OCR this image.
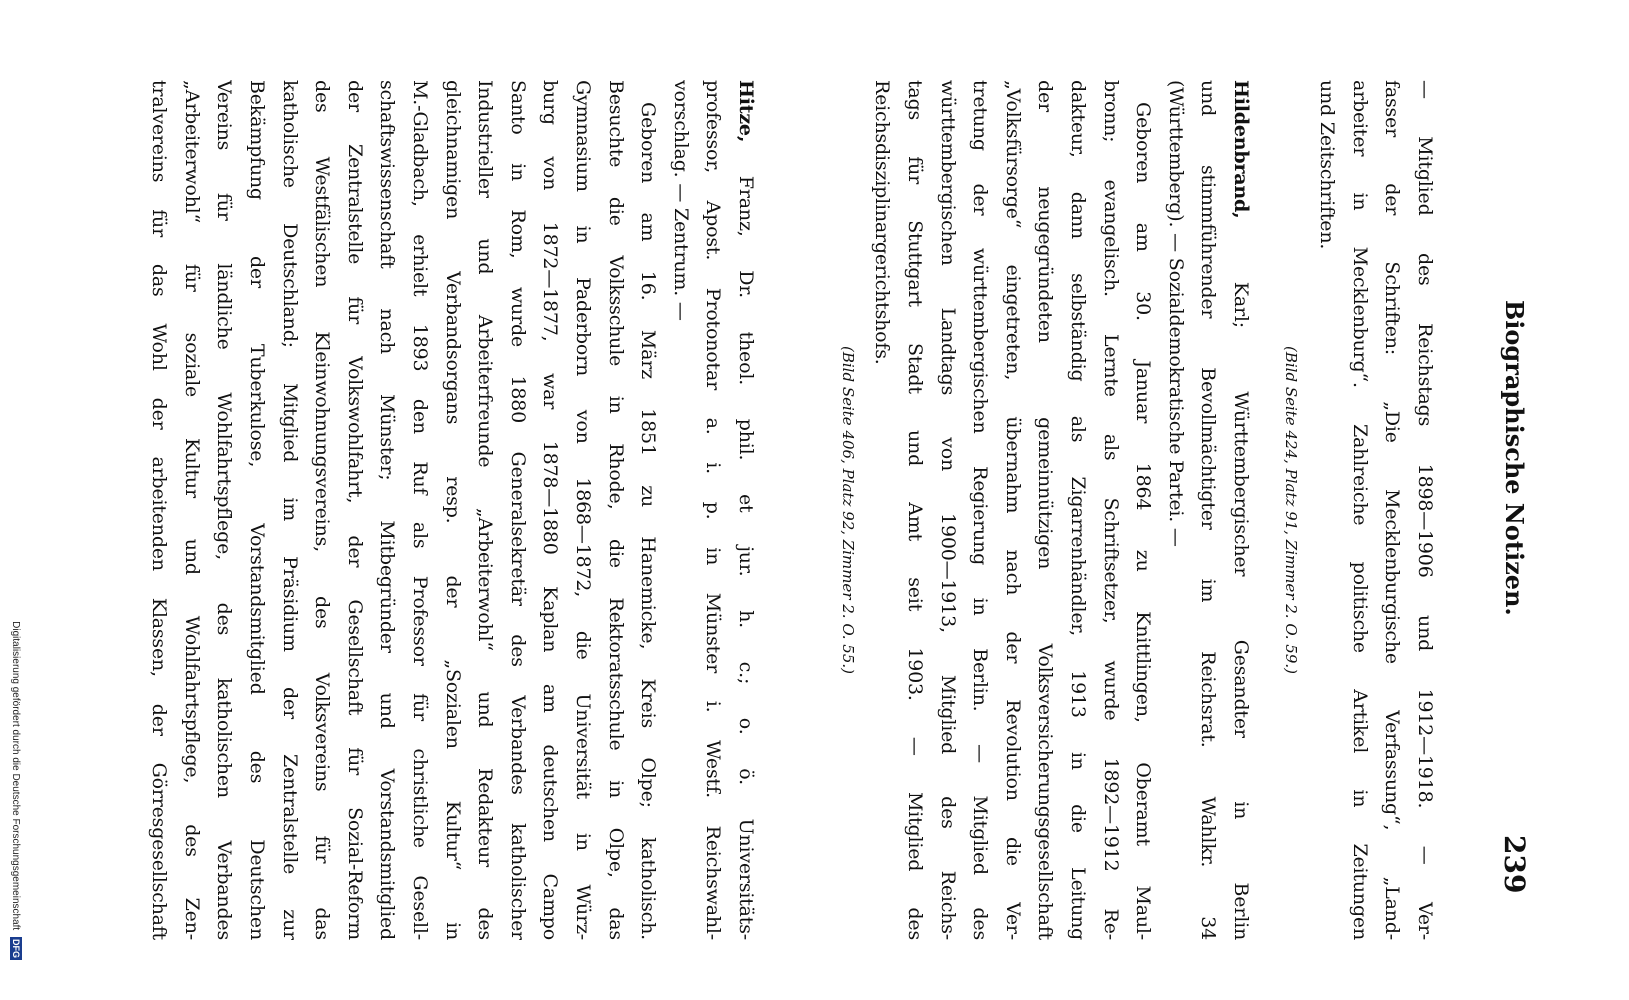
Biographische Notizen.
239
— Mitglied des Reichstags 1898—1906 und 1912—1918. — Ver-
fasser der Schriften: „Die Mecklenburgische Verfassung“, „Land-
arbeiter in Mecklenburg“. Zahlreiche politische Artikel in Zeitungen
und Zeitschriften.
(Bild Seite 424, Platz 91, Zimmer 2. O. 59.)
Hildenbrand, Karl; Württembergischer Gesandter in Berlin
und stimmführender Bevollmächtigter im Reichsrat. Wahlkr. 34
(Württemberg). — Sozialdemokratische Partei. —
Geboren am 30. Januar 1864 zu Knittlingen, Oberamt Maul-
bronn; evangelisch. Lernte als Schriftsetzer, wurde 1892—1912 Re-
dakteur, dann selbständig als Zigarrenhändler, 1913 in die Leitung
der neugegründeten gemeinnützigen Volksversicherungsgesellschaft
„Volksfürsorge“ eingetreten, übernahm nach der Revolution die Ver-
tretung der württembergischen Regierung in Berlin. — Mitglied des
württembergischen Landtags von 1900—1913, Mitglied des Reichs-
tags für Stuttgart Stadt und Amt seit 1903. — Mitglied des
Reichsdisziplinargerichtshofs.
(Bild Seite 406, Platz 92, Zimmer 2. O. 55.)
Hitze, Franz, Dr. theol. phil. et jur. h. c.; o. ö. Universitäts-
professor, Apost. Protonotar a. i. p. in Münster i. Westf. Reichswahl-
vorschlag. — Zentrum. —
Geboren am 16. März 1851 zu Hanemicke, Kreis Olpe; katholisch.
Besuchte die Volksschule in Rhode, die Rektoratsschule in Olpe, das
Gymnasium in Paderborn von 1868—1872, die Universität in Würz-
burg von 1872—1877, war 1878—1880 Kaplan am deutschen Campo
Santo in Rom, wurde 1880 Generalsekretär des Verbandes katholischer
Industrieller und Arbeiterfreunde „Arbeiterwohl“ und Redakteur des
gleichnamigen Verbandsorgans resp. der „Sozialen Kultur“ in
M.-Gladbach, erhielt 1893 den Ruf als Professor für christliche Gesell-
schaftswissenschaft nach Münster; Mitbegründer und Vorstandsmitglied
der Zentralstelle für Volkswohlfahrt, der Gesellschaft für Sozial-Reform
des Westfälischen Kleinwohnungsvereins, des Volksvereins für das
katholische Deutschland; Mitglied im Präsidium der Zentralstelle zur
Bekämpfung der Tuberkulose, Vorstandsmitglied des Deutschen
Vereins für ländliche Wohlfahrtspflege, des katholischen Verbandes
„Arbeiterwohl“ für soziale Kultur und Wohlfahrtspflege, des Zen-
tralvereins für das Wohl der arbeitenden Klassen, der Görresgesellschaft
Digitalisierung gefördert durch die Deutsche Forschungsgemeinschaft DFG
